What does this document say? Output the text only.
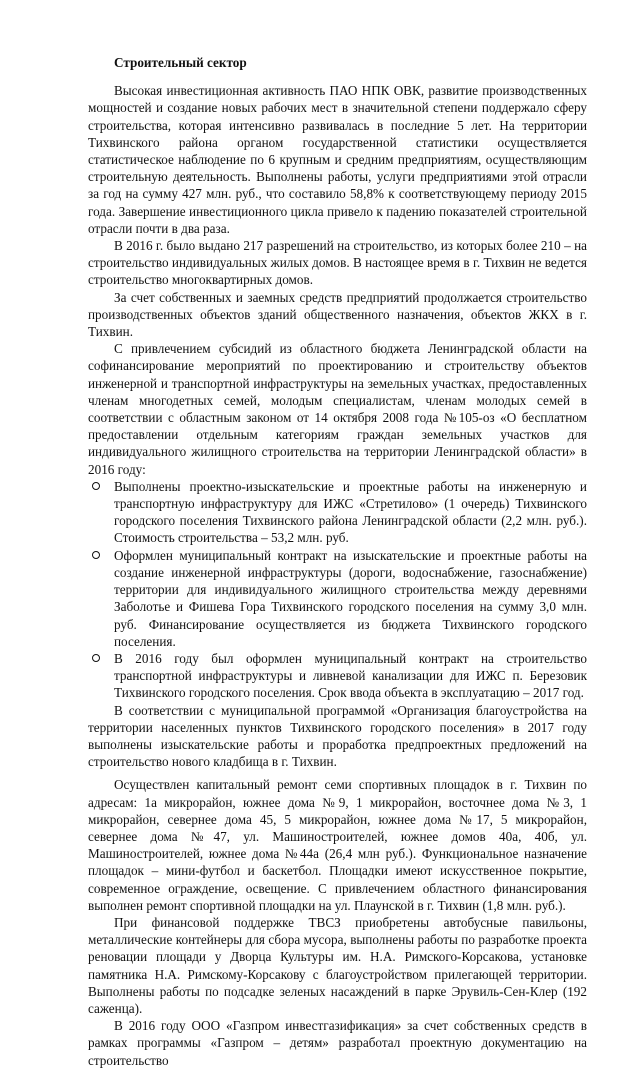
Строительный сектор

Высокая инвестиционная активность ПАО НПК ОВК, развитие производственных мощностей и создание новых рабочих мест в значительной степени поддержало сферу строительства, которая интенсивно развивалась в последние 5 лет. На территории Тихвинского района органом государственной статистики осуществляется статистическое наблюдение по 6 крупным и средним предприятиям, осуществляющим строительную деятельность. Выполнены работы, услуги предприятиями этой отрасли за год на сумму 427 млн. руб., что составило 58,8% к соответствующему периоду 2015 года. Завершение инвестиционного цикла привело к падению показателей строительной отрасли почти в два раза.

В 2016 г. было выдано 217 разрешений на строительство, из которых более 210 – на строительство индивидуальных жилых домов. В настоящее время в г. Тихвин не ведется строительство многоквартирных домов.

За счет собственных и заемных средств предприятий продолжается строительство производственных объектов зданий общественного назначения, объектов ЖКХ в г. Тихвин.

С привлечением субсидий из областного бюджета Ленинградской области на софинансирование мероприятий по проектированию и строительству объектов инженерной и транспортной инфраструктуры на земельных участках, предоставленных членам многодетных семей, молодым специалистам, членам молодых семей в соответствии с областным законом от 14 октября 2008 года №105-оз «О бесплатном предоставлении отдельным категориям граждан земельных участков для индивидуального жилищного строительства на территории Ленинградской области» в 2016 году:

Выполнены проектно-изыскательские и проектные работы на инженерную и транспортную инфраструктуру для ИЖС «Стретилово» (1 очередь) Тихвинского городского поселения Тихвинского района Ленинградской области (2,2 млн. руб.). Стоимость строительства – 53,2 млн. руб.
Оформлен муниципальный контракт на изыскательские и проектные работы на создание инженерной инфраструктуры (дороги, водоснабжение, газоснабжение) территории для индивидуального жилищного строительства между деревнями Заболотье и Фишева Гора Тихвинского городского поселения на сумму 3,0 млн. руб. Финансирование осуществляется из бюджета Тихвинского городского поселения.
В 2016 году был оформлен муниципальный контракт на строительство транспортной инфраструктуры и ливневой канализации для ИЖС п. Березовик Тихвинского городского поселения. Срок ввода объекта в эксплуатацию – 2017 год.

В соответствии с муниципальной программой «Организация благоустройства на территории населенных пунктов Тихвинского городского поселения» в 2017 году выполнены изыскательские работы и проработка предпроектных предложений на строительство нового кладбища в г. Тихвин.

Осуществлен капитальный ремонт семи спортивных площадок в г. Тихвин по адресам: 1а микрорайон, южнее дома №9, 1 микрорайон, восточнее дома №3, 1 микрорайон, севернее дома 45, 5 микрорайон, южнее дома №17, 5 микрорайон, севернее дома №47, ул. Машиностроителей, южнее домов 40а, 40б, ул. Машиностроителей, южнее дома №44а (26,4 млн руб.). Функциональное назначение площадок – мини-футбол и баскетбол. Площадки имеют искусственное покрытие, современное ограждение, освещение. С привлечением областного финансирования выполнен ремонт спортивной площадки на ул. Плаунской в г. Тихвин (1,8 млн. руб.).

При финансовой поддержке ТВСЗ приобретены автобусные павильоны, металлические контейнеры для сбора мусора, выполнены работы по разработке проекта реновации площади у Дворца Культуры им. Н.А. Римского-Корсакова, установке памятника Н.А. Римскому-Корсакову с благоустройством прилегающей территории. Выполнены работы по подсадке зеленых насаждений в парке Эрувиль-Сен-Клер (192 саженца).

В 2016 году ООО «Газпром инвестгазификация» за счет собственных средств в рамках программы «Газпром – детям» разработал проектную документацию на строительство
